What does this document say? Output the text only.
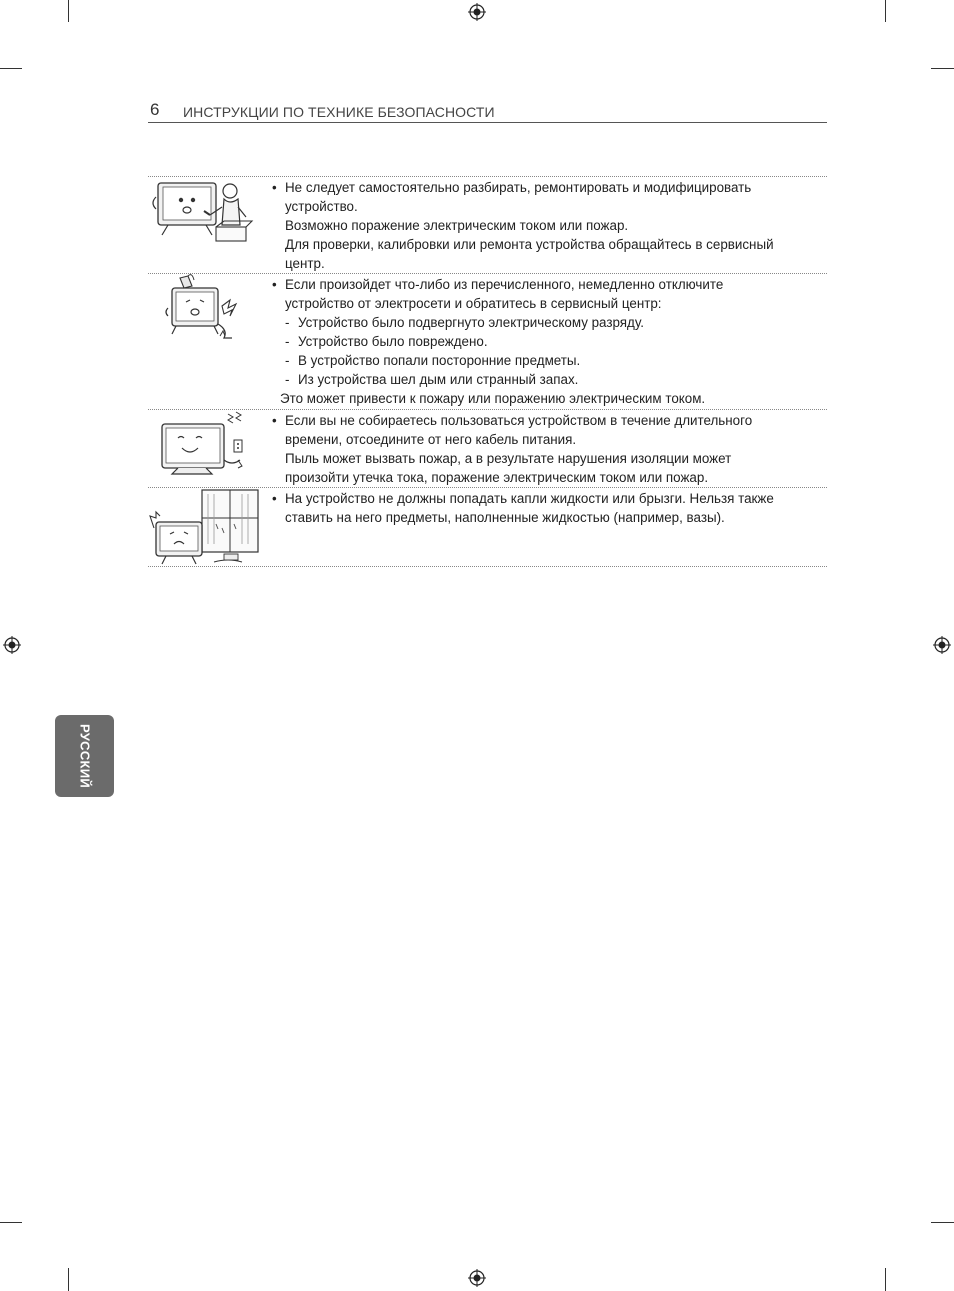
6 ИНСТРУКЦИИ ПО ТЕХНИКЕ БЕЗОПАСНОСТИ
• Не следует самостоятельно разбирать, ремонтировать и модифицировать
устройство.
Возможно поражение электрическим током или пожар.
Для проверки, калибровки или ремонта устройства обращайтесь в сервисный
центр.
• Если произойдет что-либо из перечисленного, немедленно отключите
устройство от электросети и обратитесь в сервисный центр:
- Устройство было подвергнуто электрическому разряду.
- Устройство было повреждено.
- В устройство попали посторонние предметы.
- Из устройства шел дым или странный запах.
Это может привести к пожару или поражению электрическим током.
• Если вы не собираетесь пользоваться устройством в течение длительного
времени, отсоедините от него кабель питания.
Пыль может вызвать пожар, а в результате нарушения изоляции может
произойти утечка тока, поражение электрическим током или пожар.
• На устройство не должны попадать капли жидкости или брызги. Нельзя также
ставить на него предметы, наполненные жидкостью (например, вазы).
РУССКИЙ
